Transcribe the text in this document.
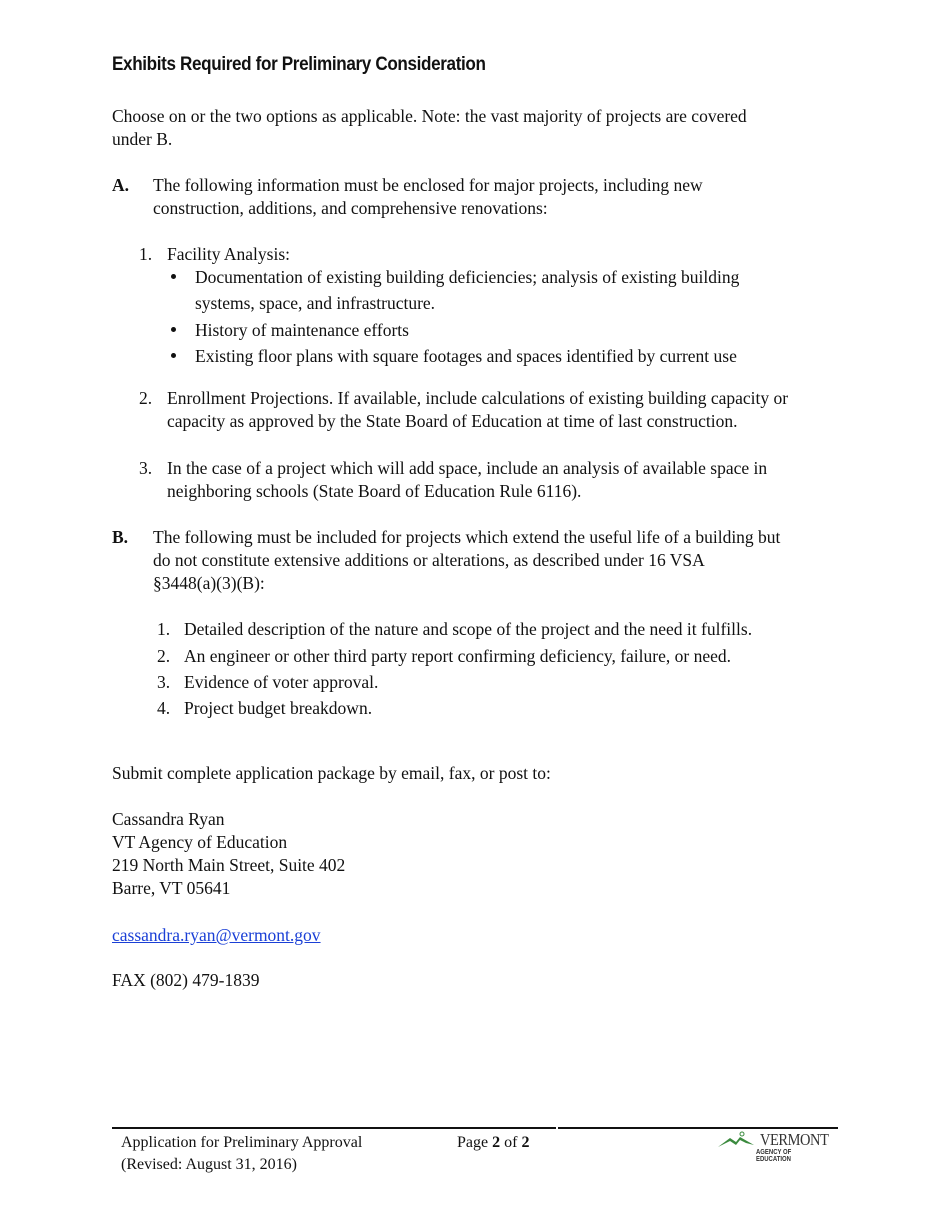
Exhibits Required for Preliminary Consideration
Choose on or the two options as applicable. Note: the vast majority of projects are covered
under B.
A. The following information must be enclosed for major projects, including new
construction, additions, and comprehensive renovations:
1. Facility Analysis:
Documentation of existing building deficiencies; analysis of existing building
systems, space, and infrastructure.
History of maintenance efforts
Existing floor plans with square footages and spaces identified by current use
2. Enrollment Projections. If available, include calculations of existing building capacity or
capacity as approved by the State Board of Education at time of last construction.
3. In the case of a project which will add space, include an analysis of available space in
neighboring schools (State Board of Education Rule 6116).
B. The following must be included for projects which extend the useful life of a building but
do not constitute extensive additions or alterations, as described under 16 VSA
§3448(a)(3)(B):
1. Detailed description of the nature and scope of the project and the need it fulfills.
2. An engineer or other third party report confirming deficiency, failure, or need.
3. Evidence of voter approval.
4. Project budget breakdown.
Submit complete application package by email, fax, or post to:
Cassandra Ryan
VT Agency of Education
219 North Main Street, Suite 402
Barre, VT 05641
cassandra.ryan@vermont.gov
FAX (802) 479-1839
Application for Preliminary Approval
(Revised: August 31, 2016)
Page 2 of 2	VERMONT
AGENCY OF EDUCATION
